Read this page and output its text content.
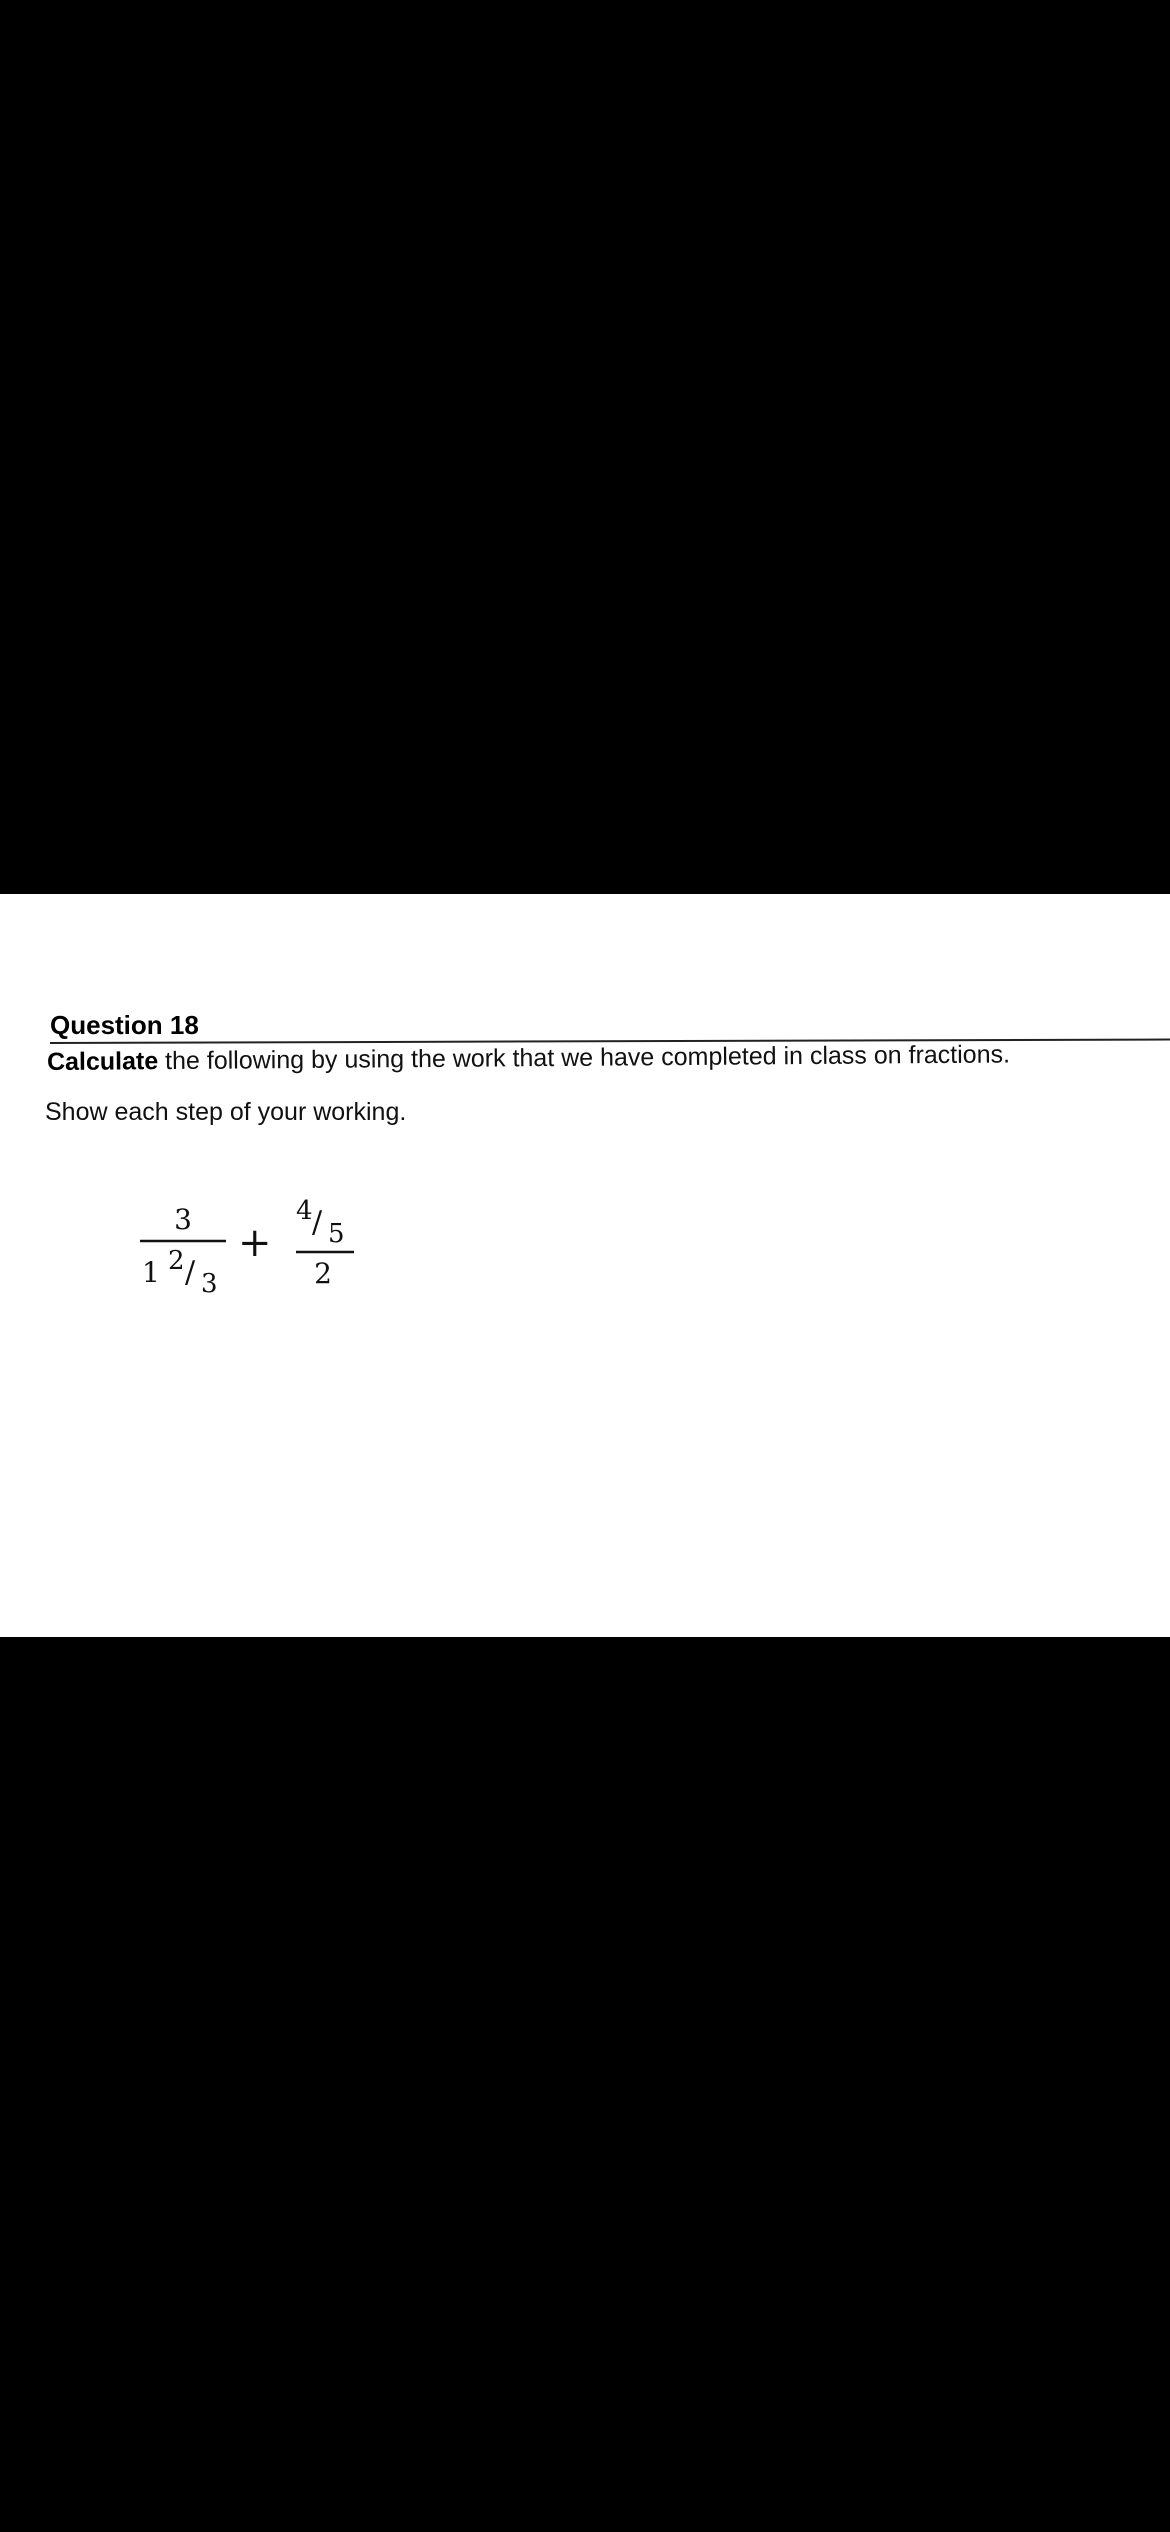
Question 18
Calculate the following by using the work that we have completed in class on fractions.
Show each step of your working.
3
1 2 / 3
+
4 / 5
2
